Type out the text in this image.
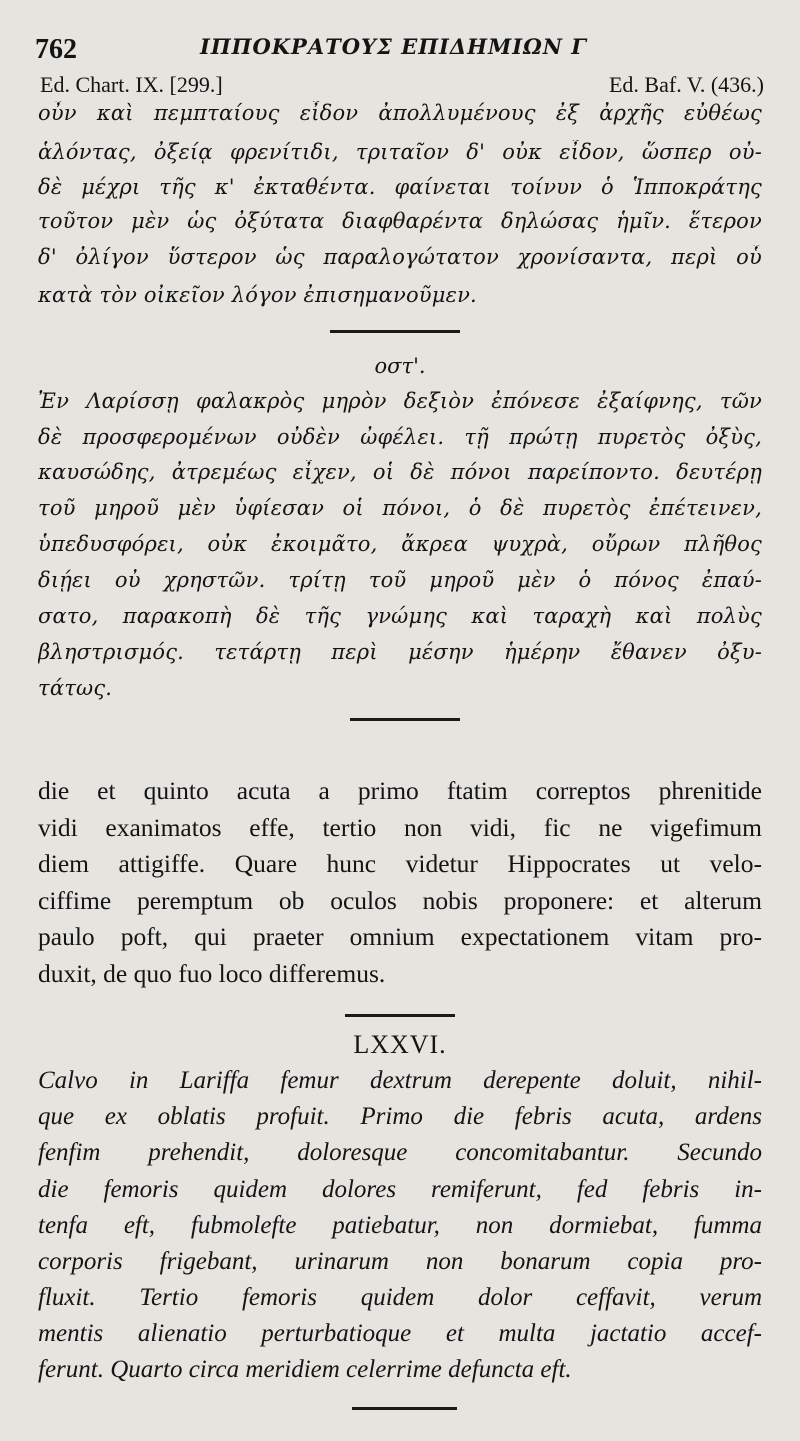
762	ΙΠΠΟΚΡΑΤΟΥΣ ΕΠΙΔΗΜΙΩΝ Γ
Ed. Chart. IX. [299.]	Ed. Baf. V. (436.)
οὖν καὶ πεμπταίους εἶδον ἀπολλυμένους ἐξ ἀρχῆς εὐθέως
ἁλόντας, ὀξείᾳ φρενίτιδι, τριταῖον δ' οὐκ εἶδον, ὥσπερ οὐ-
δὲ μέχρι τῆς κ' ἐκταθέντα. φαίνεται τοίνυν ὁ Ἱπποκράτης
τοῦτον μὲν ὡς ὀξύτατα διαφθαρέντα δηλώσας ἡμῖν. ἕτερον
δ' ὀλίγον ὕστερον ὡς παραλογώτατον χρονίσαντα, περὶ οὗ
κατὰ τὸν οἰκεῖον λόγον ἐπισημανοῦμεν.
οστ'.
Ἐν Λαρίσσῃ φαλακρὸς μηρὸν δεξιὸν ἐπόνεσε ἐξαίφνης, τῶν
δὲ προσφερομένων οὐδὲν ὠφέλει. τῇ πρώτῃ πυρετὸς ὀξὺς,
καυσώδης, ἀτρεμέως εἶχεν, οἱ δὲ πόνοι παρείποντο. δευτέρῃ
τοῦ μηροῦ μὲν ὑφίεσαν οἱ πόνοι, ὁ δὲ πυρετὸς ἐπέτεινεν,
ὑπεδυσφόρει, οὐκ ἐκοιμᾶτο, ἄκρεα ψυχρὰ, οὔρων πλῆθος
διῄει οὐ χρηστῶν. τρίτῃ τοῦ μηροῦ μὲν ὁ πόνος ἐπαύ-
σατο, παρακοπὴ δὲ τῆς γνώμης καὶ ταραχὴ καὶ πολὺς
βληστρισμός. τετάρτῃ περὶ μέσην ἡμέρην ἔθανεν ὀξυ-
τάτως.
die et quinto acuta a primo ftatim correptos phrenitide
vidi exanimatos effe, tertio non vidi, fic ne vigefimum
diem attigiffe. Quare hunc videtur Hippocrates ut velo-
ciffime peremptum ob oculos nobis proponere: et alterum
paulo poft, qui praeter omnium expectationem vitam pro-
duxit, de quo fuo loco differemus.
LXXVI.
Calvo in Lariffa femur dextrum derepente doluit, nihil-
que ex oblatis profuit. Primo die febris acuta, ardens
fenfim prehendit, doloresque concomitabantur. Secundo
die femoris quidem dolores remiferunt, fed febris in-
tenfa eft, fubmolefte patiebatur, non dormiebat, fumma
corporis frigebant, urinarum non bonarum copia pro-
fluxit. Tertio femoris quidem dolor ceffavit, verum
mentis alienatio perturbatioque et multa jactatio accef-
ferunt. Quarto circa meridiem celerrime defuncta eft.
